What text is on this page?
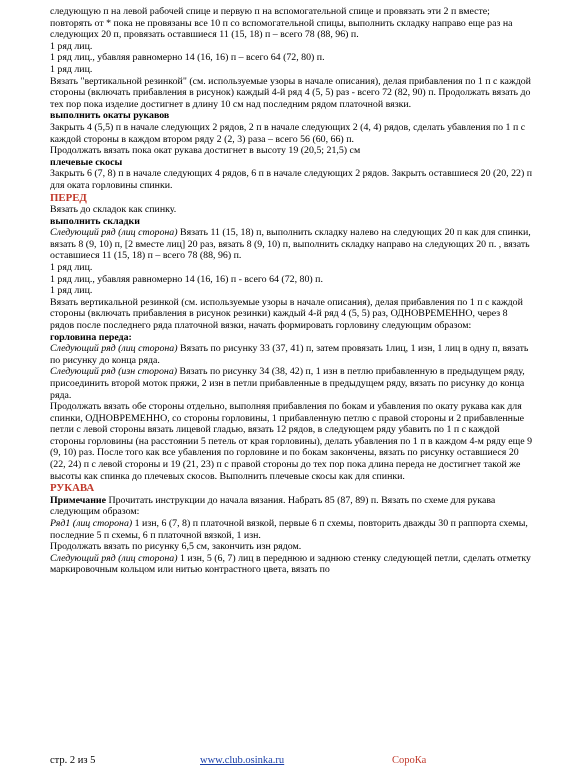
следующую п на левой рабочей спице и первую п на вспомогательной спице и провязать эти 2 п вместе; повторять от * пока не провязаны все 10 п со вспомогательной спицы, выполнить складку направо еще раз на следующих 20 п, провязать оставшиеся 11 (15, 18) п – всего 78 (88, 96) п.

1 ряд лиц.

1 ряд лиц., убавляя равномерно 14 (16, 16) п – всего 64 (72, 80) п.

1 ряд лиц.

Вязать "вертикальной резинкой" (см. используемые узоры в начале описания), делая прибавления по 1 п с каждой стороны (включать прибавления в рисунок) каждый 4-й ряд 4 (5, 5) раз - всего 72 (82, 90) п. Продолжать вязать до тех пор пока изделие достигнет в длину 10 см над последним рядом платочной вязки.

выполнить окаты рукавов

Закрыть 4 (5,5) п в начале следующих 2 рядов, 2 п в начале следующих 2 (4, 4) рядов, сделать убавления по 1 п с каждой стороны в каждом втором ряду 2 (2, 3) раза – всего 56 (60, 66) п.

Продолжать вязать пока окат рукава достигнет в высоту 19 (20,5; 21,5) см

плечевые скосы

Закрыть 6 (7, 8) п в начале следующих 4 рядов, 6 п в начале следующих 2 рядов. Закрыть оставшиеся 20 (20, 22) п для оката горловины спинки.

ПЕРЕД

Вязать до складок как спинку.

выполнить складки

Следующий ряд (лиц сторона) Вязать 11 (15, 18) п, выполнить складку налево на следующих 20 п как для спинки, вязать 8 (9, 10) п, [2 вместе лиц] 20 раз, вязать 8 (9, 10) п, выполнить складку направо на следующих 20 п. , вязать оставшиеся 11 (15, 18) п – всего 78 (88, 96) п.

1 ряд лиц.

1 ряд лиц., убавляя равномерно 14 (16, 16) п - всего 64 (72, 80) п.

1 ряд лиц.

Вязать вертикальной резинкой (см. используемые узоры в начале описания), делая прибавления по 1 п с каждой стороны (включать прибавления в рисунок резинки) каждый 4-й ряд 4 (5, 5) раз, ОДНОВРЕМЕННО, через 8 рядов после последнего ряда платочной вязки, начать формировать горловину следующим образом:

горловина переда:

Следующий ряд (лиц сторона) Вязать по рисунку 33 (37, 41) п, затем провязать 1лиц, 1 изн, 1 лиц в одну п, вязать по рисунку до конца ряда.

Следующий ряд (изн сторона) Вязать по рисунку 34 (38, 42) п, 1 изн в петлю прибавленную в предыдущем ряду, присоединить второй моток пряжи, 2 изн в петли прибавленные в предыдущем ряду, вязать по рисунку до конца ряда.

Продолжать вязать обе стороны отдельно, выполняя прибавления по бокам и убавления по окату рукава как для спинки, ОДНОВРЕМЕННО, со стороны горловины, 1 прибавленную петлю с правой стороны и 2 прибавленные петли с левой стороны вязать лицевой гладью, вязать 12 рядов, в следующем ряду убавить по 1 п с каждой стороны горловины (на расстоянии 5 петель от края горловины), делать убавления по 1 п в каждом 4-м ряду еще 9 (9, 10) раз. После того как все убавления по горловине и по бокам закончены, вязать по рисунку оставшиеся 20 (22, 24) п с левой стороны и 19 (21, 23) п с правой стороны до тех пор пока длина переда не достигнет такой же высоты как спинка до плечевых скосов. Выполнить плечевые скосы как для спинки.

РУКАВА

Примечание Прочитать инструкции до начала вязания. Набрать 85 (87, 89) п. Вязать по схеме для рукава следующим образом:

Ряд1 (лиц сторона) 1 изн, 6 (7, 8) п платочной вязкой, первые 6 п схемы, повторить дважды 30 п раппорта схемы, последние 5 п схемы, 6 п платочной вязкой, 1 изн.

Продолжать вязать по рисунку 6,5 см, закончить изн рядом.

Следующий ряд (лиц сторона) 1 изн, 5 (6, 7) лиц в переднюю и заднюю стенку следующей петли, сделать отметку маркировочным кольцом или нитью контрастного цвета, вязать по

стр. 2 из 5	www.club.osinka.ru	СороКа
